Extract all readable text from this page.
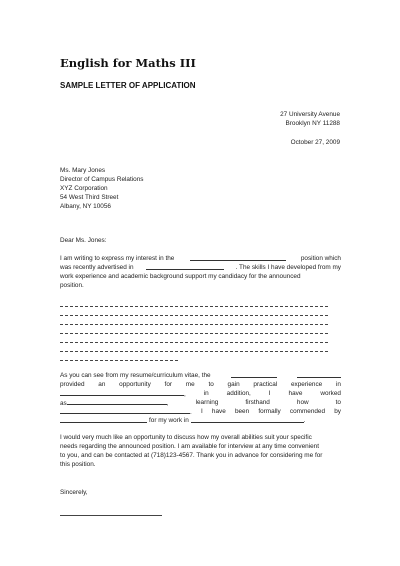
English for Maths III
SAMPLE LETTER OF APPLICATION
27 University Avenue
Brooklyn NY 11288
October 27, 2009
Ms. Mary Jones
Director of Campus Relations
XYZ Corporation
54 West Third Street
Albany, NY 10056
Dear Ms. Jones:
I am writing to express my interest in the	position which
was recently advertised in	. The skills I have developed from my
work experience and academic background support my candidacy for the announced
position.
As you can see from my resume/curriculum vitae, the
provided an opportunity for me to gain practical experience in
,	in	addition,	I	have	worked
as	,	learning	firsthand	how	to
. I have been formally commended by
for my work in	.
I would very much like an opportunity to discuss how my overall abilities suit your specific
needs regarding the announced position. I am available for interview at any time convenient
to you, and can be contacted at (718)123-4567. Thank you in advance for considering me for
this position.
Sincerely,
